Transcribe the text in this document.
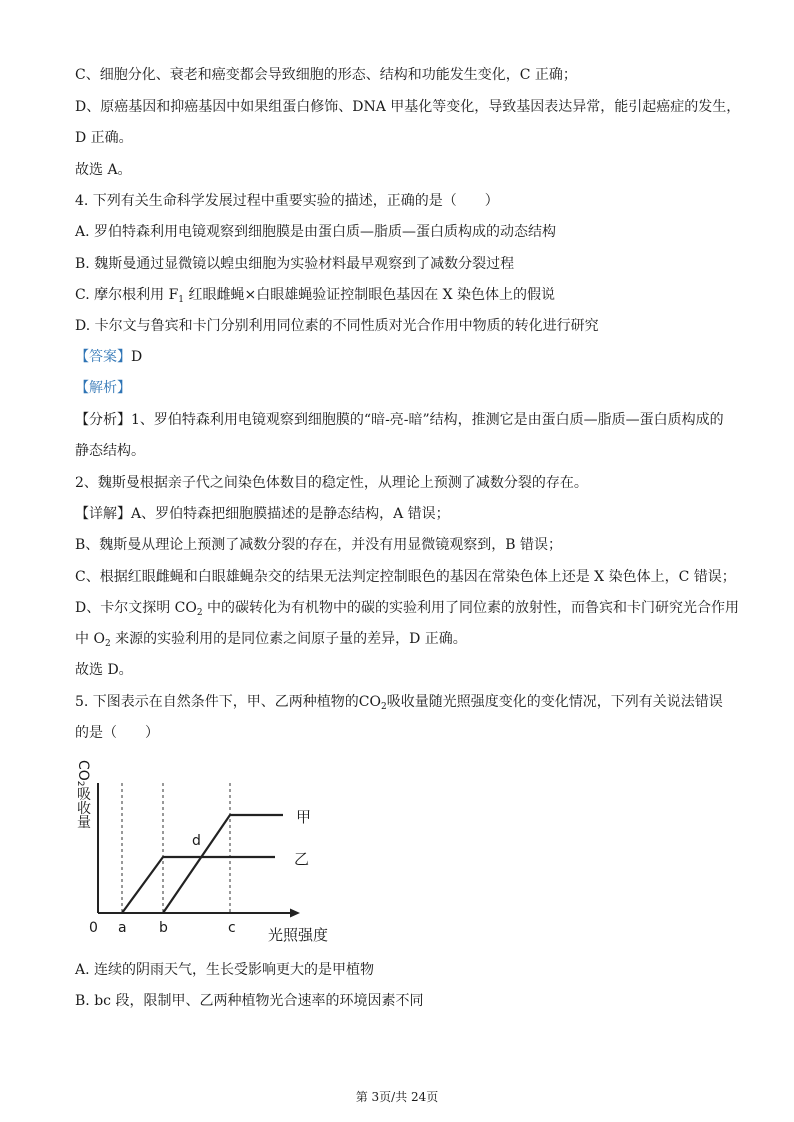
C、细胞分化、衰老和癌变都会导致细胞的形态、结构和功能发生变化，C 正确；
D、原癌基因和抑癌基因中如果组蛋白修饰、DNA 甲基化等变化，导致基因表达异常，能引起癌症的发生，
D 正确。
故选 A。
4. 下列有关生命科学发展过程中重要实验的描述，正确的是（　　）
A. 罗伯特森利用电镜观察到细胞膜是由蛋白质—脂质—蛋白质构成的动态结构
B. 魏斯曼通过显微镜以蝗虫细胞为实验材料最早观察到了减数分裂过程
C. 摩尔根利用 $F_1$ 红眼雌蝇×白眼雄蝇验证控制眼色基因在 X 染色体上的假说
D. 卡尔文与鲁宾和卡门分别利用同位素的不同性质对光合作用中物质的转化进行研究
【答案】D
【解析】
【分析】1、罗伯特森利用电镜观察到细胞膜的“暗-亮-暗”结构，推测它是由蛋白质—脂质—蛋白质构成的
静态结构。
2、魏斯曼根据亲子代之间染色体数目的稳定性，从理论上预测了减数分裂的存在。
【详解】A、罗伯特森把细胞膜描述的是静态结构，A 错误；
B、魏斯曼从理论上预测了减数分裂的存在，并没有用显微镜观察到，B 错误；
C、根据红眼雌蝇和白眼雄蝇杂交的结果无法判定控制眼色的基因在常染色体上还是 X 染色体上，C 错误；
D、卡尔文探明 $CO_2$ 中的碳转化为有机物中的碳的实验利用了同位素的放射性，而鲁宾和卡门研究光合作用
中 $O_2$ 来源的实验利用的是同位素之间原子量的差异，D 正确。
故选 D。
5. 下图表示在自然条件下，甲、乙两种植物的$CO_2$吸收量随光照强度变化的变化情况，下列有关说法错误
的是（　　）
$CO_2$吸收量	甲
乙
d
0 a b	c 光照强度
A. 连续的阴雨天气，生长受影响更大的是甲植物
B. bc 段，限制甲、乙两种植物光合速率的环境因素不同
第 3页/共 24页
